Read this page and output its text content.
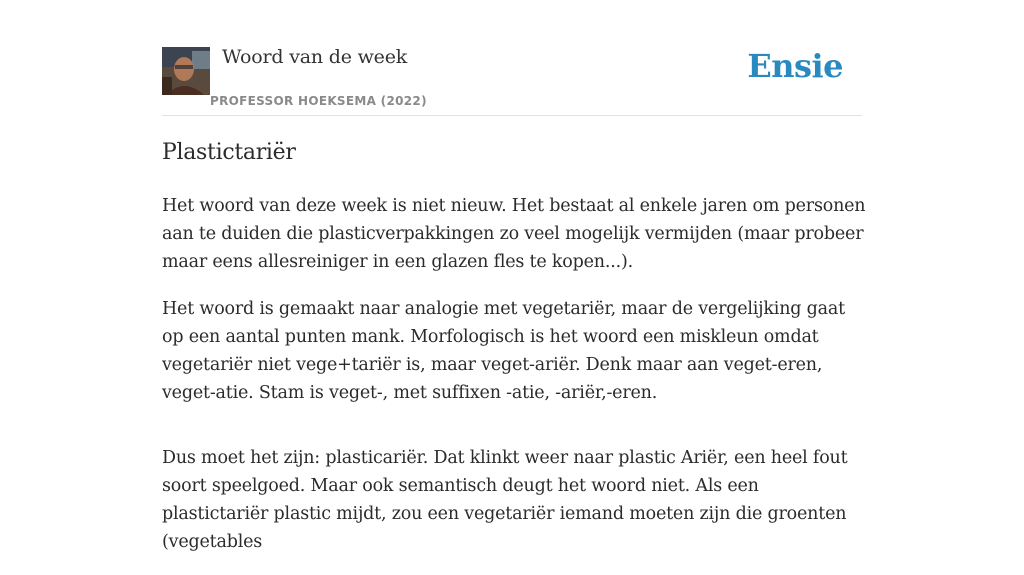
Woord van de week
PROFESSOR HOEKSEMA (2022)
Ensie
Plastictariër

Het woord van deze week is niet nieuw. Het bestaat al enkele jaren om personen aan te duiden die plasticverpakkingen zo veel mogelijk vermijden (maar probeer maar eens allesreiniger in een glazen fles te kopen...).

Het woord is gemaakt naar analogie met vegetariër, maar de vergelijking gaat op een aantal punten mank. Morfologisch is het woord een miskleun omdat vegetariër niet vege+tariër is, maar veget-ariër. Denk maar aan veget-eren, veget-atie. Stam is veget-, met suffixen -atie, -ariër,-eren.

Dus moet het zijn: plasticariër. Dat klinkt weer naar plastic Ariër, een heel fout soort speelgoed. Maar ook semantisch deugt het woord niet. Als een plastictariër plastic mijdt, zou een vegetariër iemand moeten zijn die groenten (vegetables
